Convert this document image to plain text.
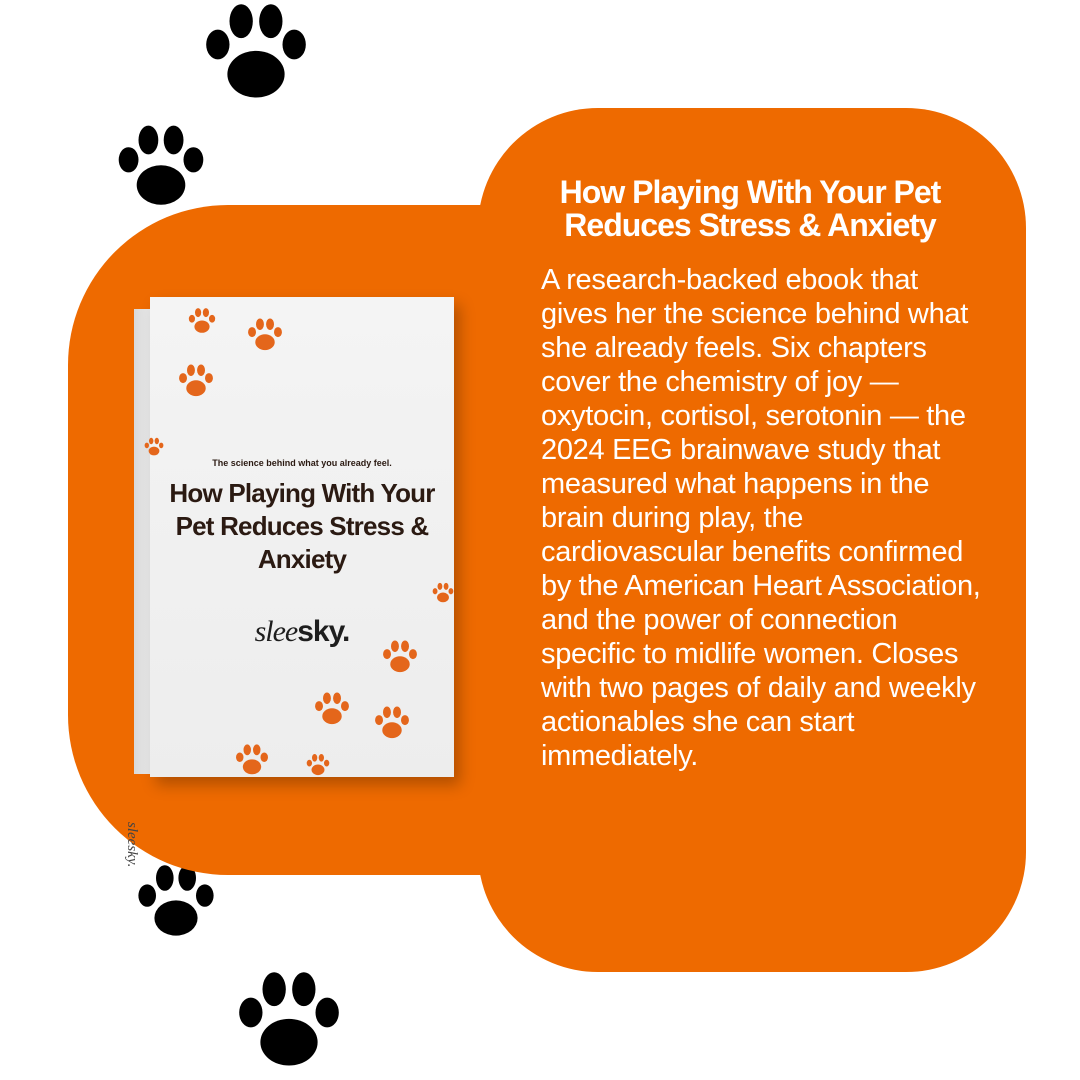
The science behind what you already feel.
How Playing With Your Pet Reduces Stress & Anxiety
sleesky.
sleesky.
How Playing With Your Pet Reduces Stress & Anxiety
A research-backed ebook that gives her the science behind what she already feels. Six chapters cover the chemistry of joy — oxytocin, cortisol, serotonin — the 2024 EEG brainwave study that measured what happens in the brain during play, the cardiovascular benefits confirmed by the American Heart Association, and the power of connection specific to midlife women. Closes with two pages of daily and weekly actionables she can start immediately.
